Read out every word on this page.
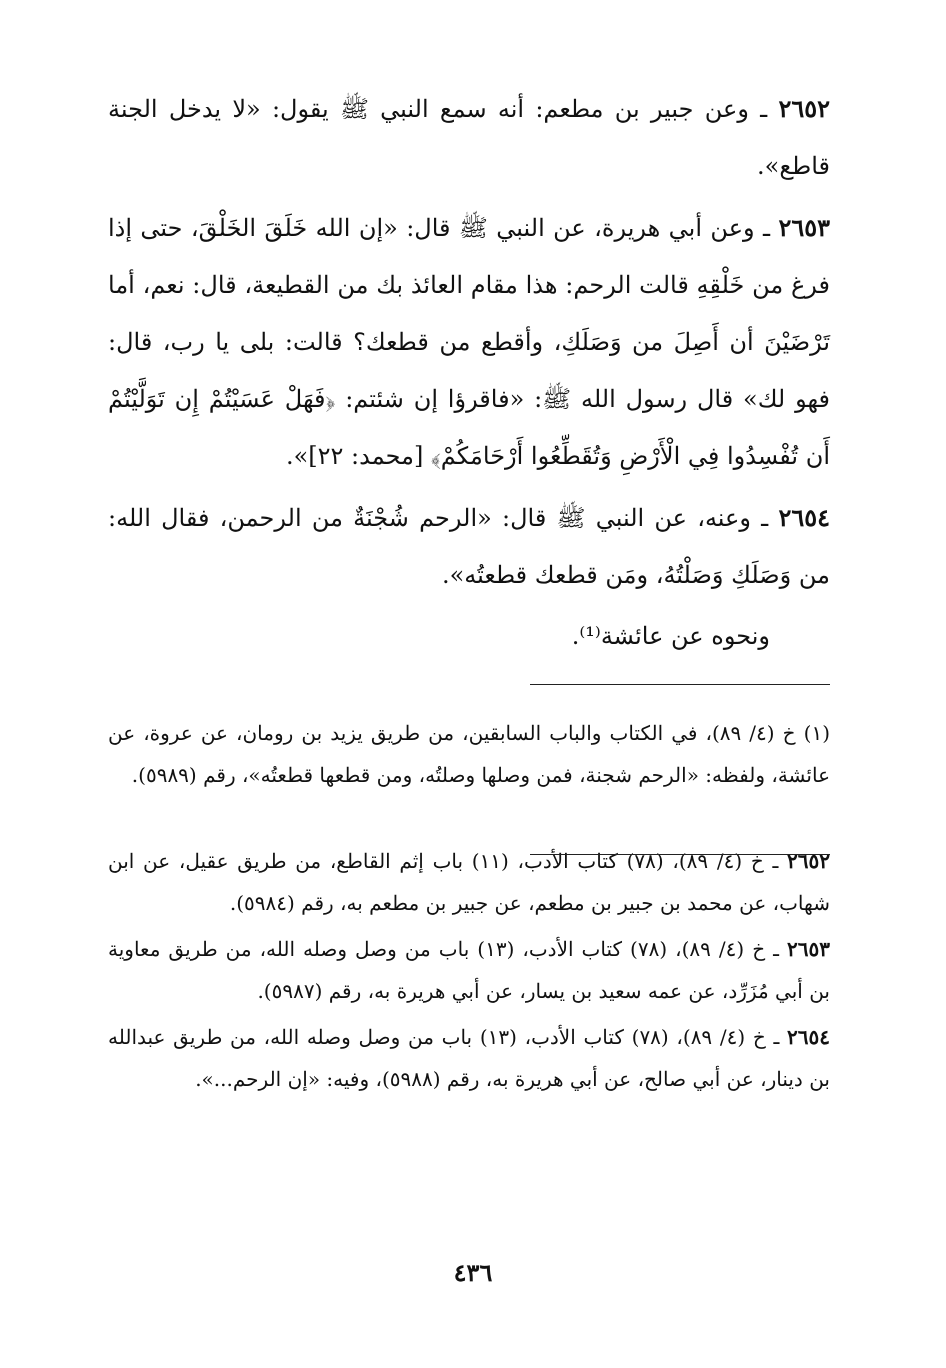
٢٦٥٢ ـ وعن جبير بن مطعم: أنه سمع النبي ﷺ يقول: «لا يدخل الجنة قاطع».

٢٦٥٣ ـ وعن أبي هريرة، عن النبي ﷺ قال: «إن الله خَلَقَ الخَلْقَ، حتى إذا فرغ من خَلْقِهِ قالت الرحم: هذا مقام العائذ بك من القطيعة، قال: نعم، أما تَرْضَيْنَ أن أَصِلَ من وَصَلَكِ، وأقطع من قطعك؟ قالت: بلى يا رب، قال: فهو لك» قال رسول الله ﷺ: «فاقرؤا إن شئتم: ﴿فَهَلْ عَسَيْتُمْ إِن تَوَلَّيْتُمْ أَن تُفْسِدُوا فِي الْأَرْضِ وَتُقَطِّعُوا أَرْحَامَكُمْ﴾ [محمد: ٢٢]».

٢٦٥٤ ـ وعنه، عن النبي ﷺ قال: «الرحم شُجْنَةٌ من الرحمن، فقال الله: من وَصَلَكِ وَصَلْتُهُ، ومَن قطعك قطعتُه».

ونحوه عن عائشة⁽¹⁾.

(١) خ (٤/ ٨٩)، في الكتاب والباب السابقين، من طريق يزيد بن رومان، عن عروة، عن عائشة، ولفظه: «الرحم شجنة، فمن وصلها وصلتُه، ومن قطعها قطعتُه»، رقم (٥٩٨٩).

٢٦٥٢ ـ خ (٤/ ٨٩)، (٧٨) كتاب الأدب، (١١) باب إثم القاطع، من طريق عقيل، عن ابن شهاب، عن محمد بن جبير بن مطعم، عن جبير بن مطعم به، رقم (٥٩٨٤).

٢٦٥٣ ـ خ (٤/ ٨٩)، (٧٨) كتاب الأدب، (١٣) باب من وصل وصله الله، من طريق معاوية بن أبي مُزَرِّد، عن عمه سعيد بن يسار، عن أبي هريرة به، رقم (٥٩٨٧).

٢٦٥٤ ـ خ (٤/ ٨٩)، (٧٨) كتاب الأدب، (١٣) باب من وصل وصله الله، من طريق عبدالله بن دينار، عن أبي صالح، عن أبي هريرة به، رقم (٥٩٨٨)، وفيه: «إن الرحم...».

٤٣٦
